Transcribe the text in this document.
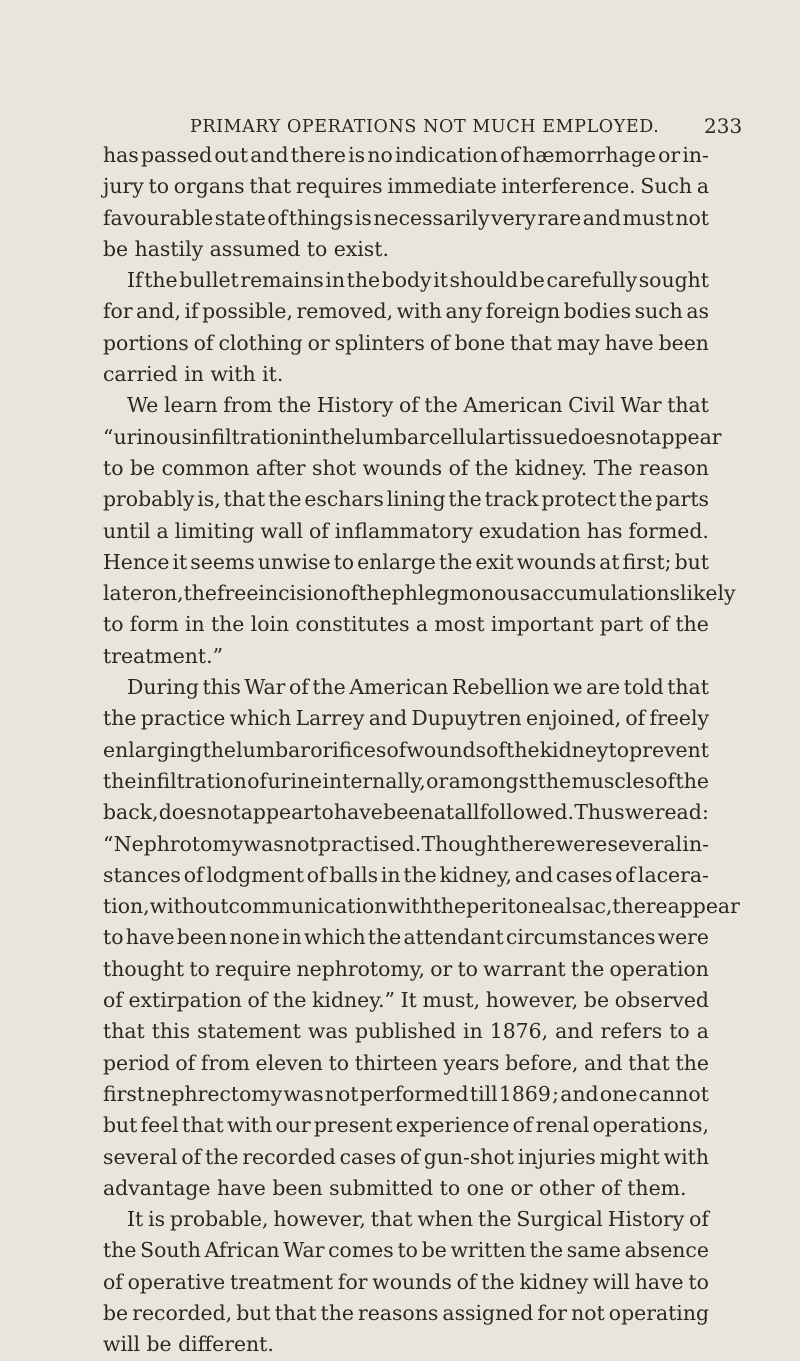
PRIMARY OPERATIONS NOT MUCH EMPLOYED. 233
has passed out and there is no indication of hæmorrhage or in-
jury to organs that requires immediate interference. Such a
favourable state of things is necessarily very rare and must not
be hastily assumed to exist.
If the bullet remains in the body it should be carefully sought
for and, if possible, removed, with any foreign bodies such as
portions of clothing or splinters of bone that may have been
carried in with it.
We learn from the History of the American Civil War that
“ urinous infiltration in the lumbar cellular tissue does not appear
to be common after shot wounds of the kidney. The reason
probably is, that the eschars lining the track protect the parts
until a limiting wall of inflammatory exudation has formed.
Hence it seems unwise to enlarge the exit wounds at first; but
later on, the free incision of the phlegmonous accumulations likely
to form in the loin constitutes a most important part of the
treatment.”
During this War of the American Rebellion we are told that
the practice which Larrey and Dupuytren enjoined, of freely
enlarging the lumbar orifices of wounds of the kidney to prevent
the infiltration of urine internally, or amongst the muscles of the
back, does not appear to have been at all followed. Thus we read :
“ Nephrotomy was not practised. Though there were several in-
stances of lodgment of balls in the kidney, and cases of lacera-
tion, without communication with the peritoneal sac, there appear
to have been none in which the attendant circumstances were
thought to require nephrotomy, or to warrant the operation
of extirpation of the kidney.” It must, however, be observed
that this statement was published in 1876, and refers to a
period of from eleven to thirteen years before, and that the
first nephrectomy was not performed till 1869 ; and one cannot
but feel that with our present experience of renal operations,
several of the recorded cases of gun-shot injuries might with
advantage have been submitted to one or other of them.
It is probable, however, that when the Surgical History of
the South African War comes to be written the same absence
of operative treatment for wounds of the kidney will have to
be recorded, but that the reasons assigned for not operating
will be different.
